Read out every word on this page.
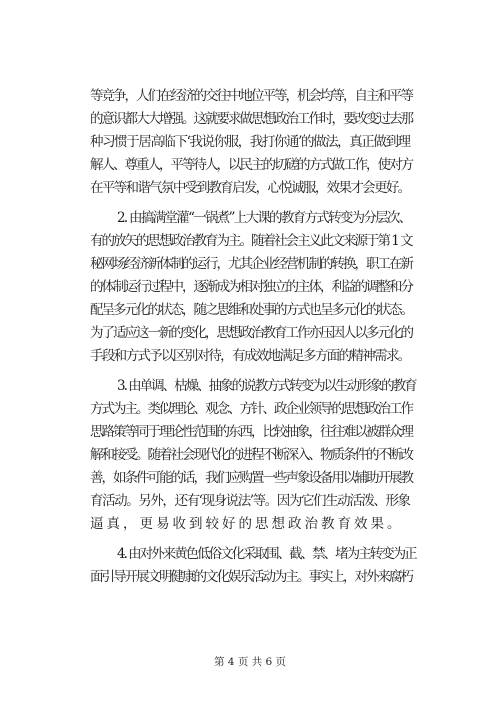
等竞争，人们在经济的交往中地位平等，机会均等，自主和平等
的意识都大大增强。这就要求做思想政治工作时，要改变过去那
种习惯于居高临下‘我说你服，我打你通’的做法，真正做到理
解人、尊重人，平等待人，以民主的切磋的方式做工作，使对方
在平等和谐气氛中受到教育启发，心悦诚服，效果才会更好。
2. 由搞满堂灌“一锅煮”上大课的教育方式转变为分层次、
有的放矢的思想政治教育为主。随着社会主义此文来源于第 1 文
秘网场经济新体制的运行，尤其企业经营机制的转换，职工在新
的体制运行过程中，逐渐成为相对独立的主体，利益的调整和分
配呈多元化的状态，随之思维和处事的方式也呈多元化的状态。
为了适应这一新的变化，思想政治教育工作亦压因人以多元化的
手段和方式予以区别对待，有成效地满足多方面的精神需求。
3. 由单调、枯燥、抽象的说教方式转变为以生动形象的教育
方式为主。类似理论、观念、方针、政企业领导的思想政治工作
思路策等同于理论性范围的东西，比较抽象，往往难以被群众理
解和接受。随着社会现代化的进程不断深入、物质条件的不断改
善，如条件可能的话，我们应购置一些声象设备用以辅助开展教
育活动。另外，还有‘现身说法’等。因为它们生动活泼、形象
逼真，更易收到较好的思想政治教育效果。
4. 由对外来黄色低俗文化采取围、截、禁、堵为主转变为正
面引导开展文明健康的文化娱乐活动为主。事实上，对外来腐朽
第 4 页 共 6 页
